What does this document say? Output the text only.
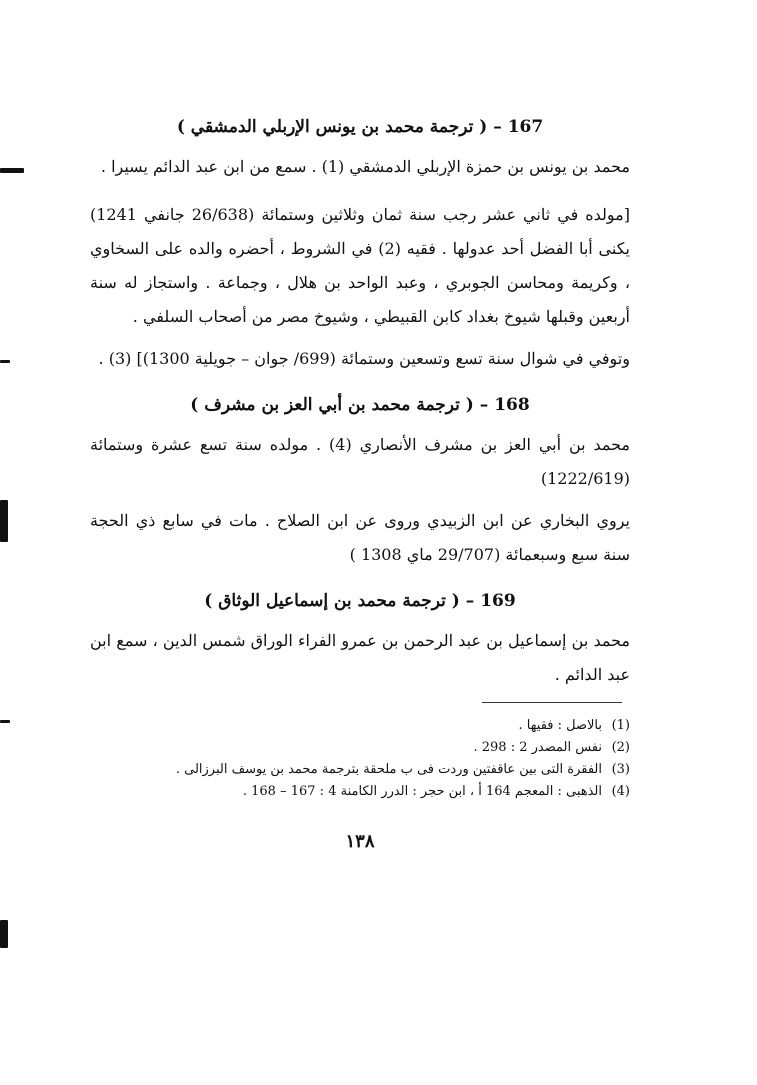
167 – ( ترجمة محمد بن يونس الإربلي الدمشقي )

محمد بن يونس بن حمزة الإربلي الدمشقي (1) . سمع من ابن عبد الدائم يسيرا .

[مولده في ثاني عشر رجب سنة ثمان وثلاثين وستمائة (26/638 جانفي 1241) يكنى أبا الفضل أحد عدولها . فقيه (2) في الشروط ، أحضره والده على السخاوي ، وكريمة ومحاسن الجوبري ، وعبد الواحد بن هلال ، وجماعة . واستجاز له سنة أربعين وقبلها شيوخ بغداد كابن القبيطي ، وشيوخ مصر من أصحاب السلفي .

وتوفي في شوال سنة تسع وتسعين وستمائة (699/ جوان – جويلية 1300)] (3) .

168 – ( ترجمة محمد بن أبي العز بن مشرف )

محمد بن أبي العز بن مشرف الأنصاري (4) . مولده سنة تسع عشرة وستمائة (1222/619)

يروي البخاري عن ابن الزبيدي وروى عن ابن الصلاح . مات في سابع ذي الحجة سنة سبع وسبعمائة (29/707 ماي 1308 )

169 – ( ترجمة محمد بن إسماعيل الوثاق )

محمد بن إسماعيل بن عبد الرحمن بن عمرو الفراء الوراق شمس الدين ، سمع ابن عبد الدائم .

(1)
بالاصل : فقيها .
(2)
نفس المصدر 2 : 298 .
(3)
الفقرة التى بين عاقفتين وردت فى ب ملحقة بترجمة محمد بن يوسف البرزالى .
(4)
الذهبى : المعجم 164 أ ، ابن حجر : الدرر الكامنة 4 : 167 – 168 .
١٣٨
